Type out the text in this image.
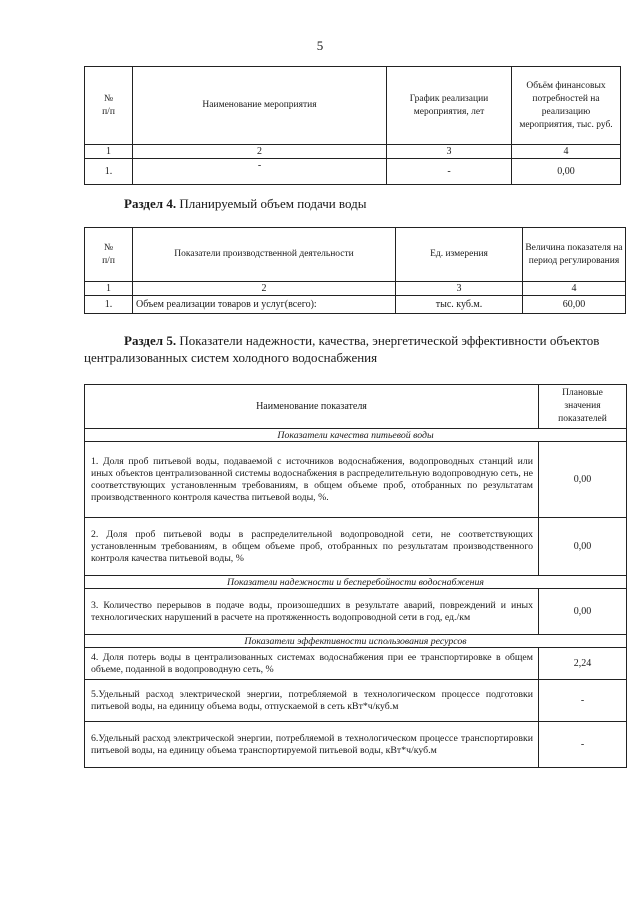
5
№
п/п	Наименование мероприятия	График реализации мероприятия, лет	Объём финансовых потребностей на реализацию мероприятия, тыс. руб.
1	2	3	4
1.	-	-	0,00
Раздел 4. Планируемый объем подачи воды
№
п/п	Показатели производственной деятельности	Ед. измерения	Величина показателя на период регулирования
1	2	3	4
1.	Объем реализации товаров и услуг(всего):	тыс. куб.м.	60,00
Раздел 5. Показатели надежности, качества, энергетической эффективности объектов централизованных систем холодного водоснабжения
Наименование показателя	Плановые значения показателей
Показатели качества питьевой воды	
1. Доля проб питьевой воды, подаваемой с источников водоснабжения, водопроводных станций или иных объектов централизованной системы водоснабжения в распределительную водопроводную сеть, не соответствующих установленным требованиям, в общем объеме проб, отобранных по результатам производственного контроля качества питьевой воды, %.	0,00
2. Доля проб питьевой воды в распределительной водопроводной сети, не соответствующих установленным требованиям, в общем объеме проб, отобранных по результатам производственного контроля качества питьевой воды, %	0,00
Показатели надежности и бесперебойности водоснабжения	
3. Количество перерывов в подаче воды, произошедших в результате аварий, повреждений и иных технологических нарушений в расчете на протяженность водопроводной сети в год, ед./км	0,00
Показатели эффективности использования ресурсов	
4. Доля потерь воды в централизованных системах водоснабжения при ее транспортировке в общем объеме, поданной в водопроводную сеть, %	2,24
5.Удельный расход электрической энергии, потребляемой в технологическом процессе подготовки питьевой воды, на единицу объема воды, отпускаемой в сеть кВт*ч/куб.м	-
6.Удельный расход электрической энергии, потребляемой в технологическом процессе транспортировки питьевой воды, на единицу объема транспортируемой питьевой воды, кВт*ч/куб.м	-
